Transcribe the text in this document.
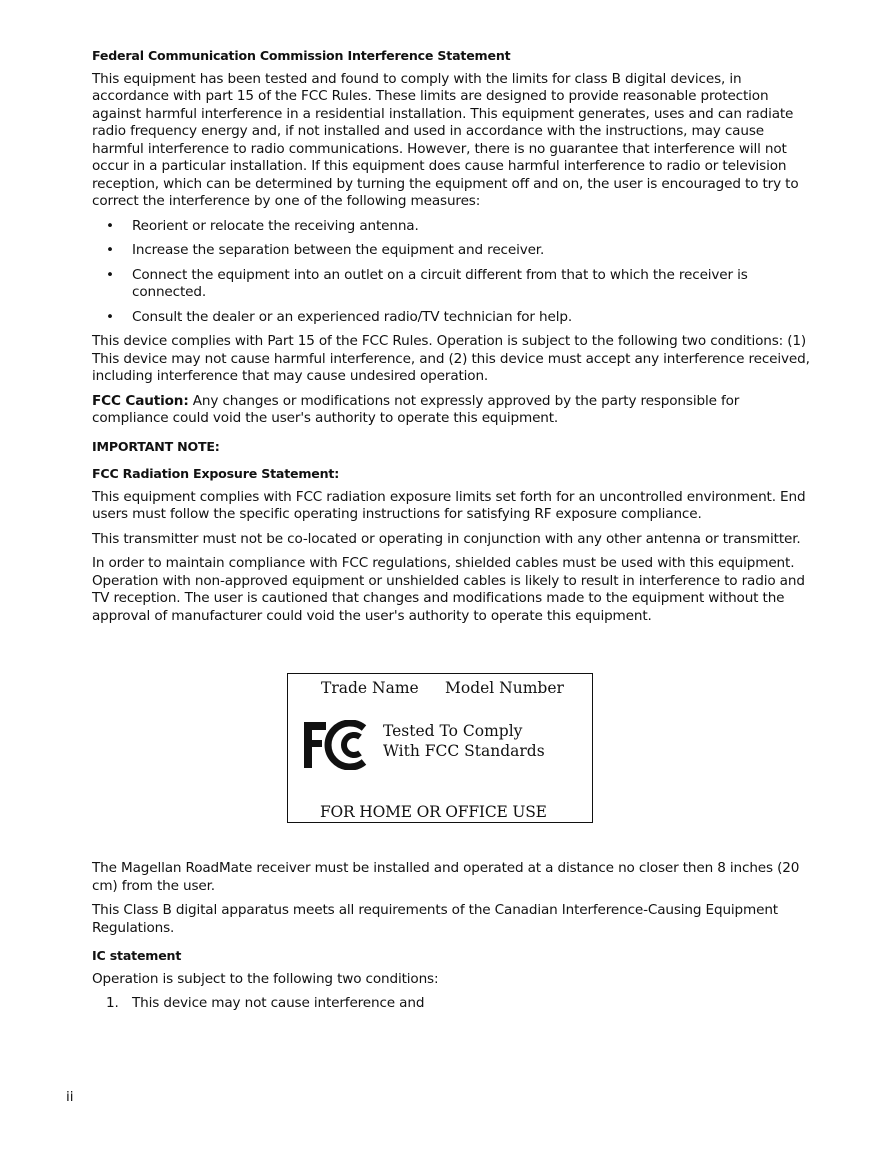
Federal Communication Commission Interference Statement

This equipment has been tested and found to comply with the limits for class B digital devices, in accordance with part 15 of the FCC Rules. These limits are designed to provide reasonable protection against harmful interference in a residential installation. This equipment generates, uses and can radiate radio frequency energy and, if not installed and used in accordance with the instructions, may cause harmful interference to radio communications. However, there is no guarantee that interference will not occur in a particular installation. If this equipment does cause harmful interference to radio or television reception, which can be determined by turning the equipment off and on, the user is encouraged to try to correct the interference by one of the following measures:

• Reorient or relocate the receiving antenna.
• Increase the separation between the equipment and receiver.
• Connect the equipment into an outlet on a circuit different from that to which the receiver is connected.
• Consult the dealer or an experienced radio/TV technician for help.

This device complies with Part 15 of the FCC Rules. Operation is subject to the following two conditions: (1) This device may not cause harmful interference, and (2) this device must accept any interference received, including interference that may cause undesired operation.

FCC Caution: Any changes or modifications not expressly approved by the party responsible for compliance could void the user's authority to operate this equipment.

IMPORTANT NOTE:
FCC Radiation Exposure Statement:

This equipment complies with FCC radiation exposure limits set forth for an uncontrolled environment. End users must follow the specific operating instructions for satisfying RF exposure compliance.

This transmitter must not be co-located or operating in conjunction with any other antenna or transmitter.

In order to maintain compliance with FCC regulations, shielded cables must be used with this equipment. Operation with non-approved equipment or unshielded cables is likely to result in interference to radio and TV reception. The user is cautioned that changes and modifications made to the equipment without the approval of manufacturer could void the user's authority to operate this equipment.

Trade Name Model Number
Tested To Comply
With FCC Standards
FOR HOME OR OFFICE USE

The Magellan RoadMate receiver must be installed and operated at a distance no closer then 8 inches (20 cm) from the user.

This Class B digital apparatus meets all requirements of the Canadian Interference-Causing Equipment Regulations.

IC statement

Operation is subject to the following two conditions:

1. This device may not cause interference and
ii
